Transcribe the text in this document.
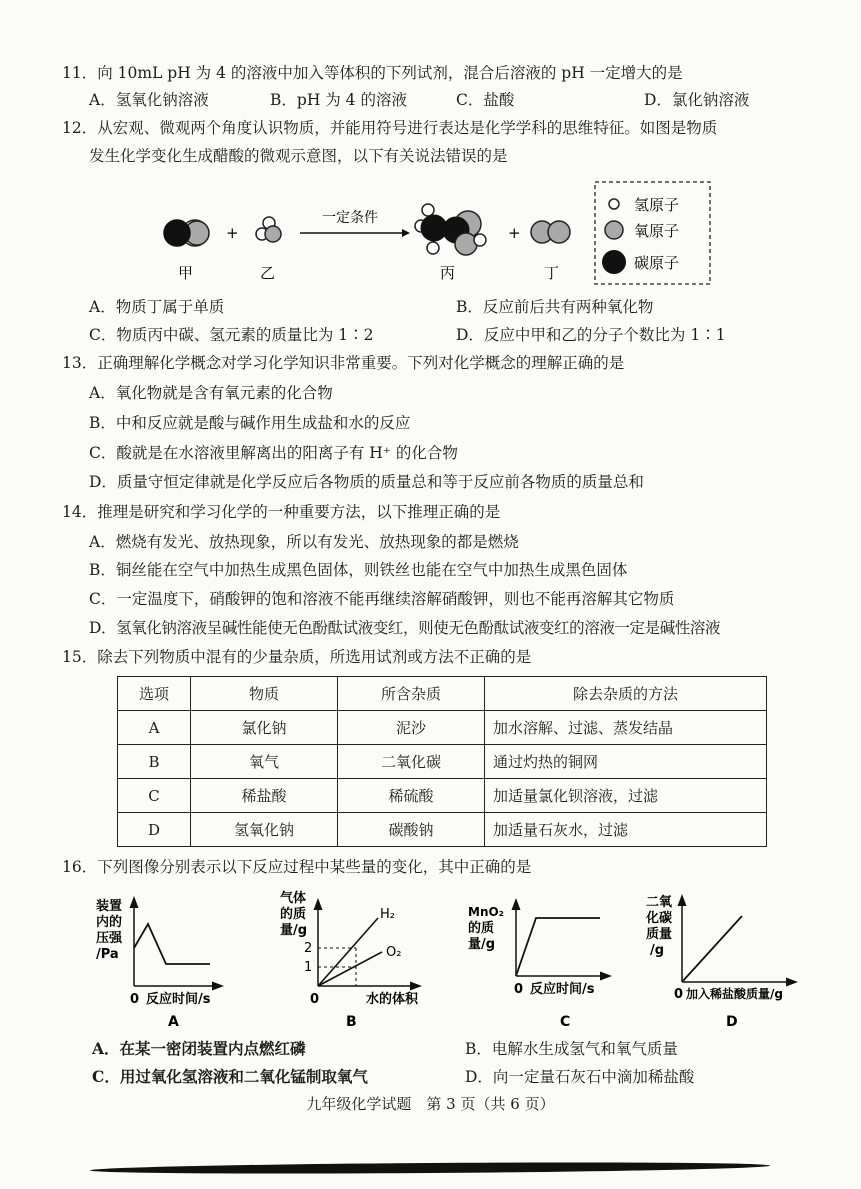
11．向 10mL pH 为 4 的溶液中加入等体积的下列试剂，混合后溶液的 pH 一定增大的是
A．氢氧化钠溶液	B．pH 为 4 的溶液	C．盐酸	D．氯化钠溶液
12．从宏观、微观两个角度认识物质，并能用符号进行表达是化学学科的思维特征。如图是物质
发生化学变化生成醋酸的微观示意图，以下有关说法错误的是
+
一定条件
+
甲	乙	丙	丁
氢原子
氧原子
碳原子
A．物质丁属于单质	B．反应前后共有两种氧化物
C．物质丙中碳、氢元素的质量比为 1∶2	D．反应中甲和乙的分子个数比为 1∶1
13．正确理解化学概念对学习化学知识非常重要。下列对化学概念的理解正确的是
A．氧化物就是含有氧元素的化合物
B．中和反应就是酸与碱作用生成盐和水的反应
C．酸就是在水溶液里解离出的阳离子有 H⁺ 的化合物
D．质量守恒定律就是化学反应后各物质的质量总和等于反应前各物质的质量总和
14．推理是研究和学习化学的一种重要方法，以下推理正确的是
A．燃烧有发光、放热现象，所以有发光、放热现象的都是燃烧
B．铜丝能在空气中加热生成黑色固体，则铁丝也能在空气中加热生成黑色固体
C．一定温度下，硝酸钾的饱和溶液不能再继续溶解硝酸钾，则也不能再溶解其它物质
D．氢氧化钠溶液呈碱性能使无色酚酞试液变红，则使无色酚酞试液变红的溶液一定是碱性溶液
15．除去下列物质中混有的少量杂质，所选用试剂或方法不正确的是
选项	物质	所含杂质	除去杂质的方法
A	氯化钠	泥沙	加水溶解、过滤、蒸发结晶
B	氧气	二氧化碳	通过灼热的铜网
C	稀盐酸	稀硫酸	加适量氯化钡溶液，过滤
D	氢氧化钠	碳酸钠	加适量石灰水，过滤
16．下列图像分别表示以下反应过程中某些量的变化，其中正确的是
装置
内的
压强
/Pa
0 反应时间/s
A
气体
的质
量/g
2
1
H₂
O₂
0	水的体积
B
MnO₂
的质
量/g
0 反应时间/s
C
二氧
化碳
质量
/g
0 加入稀盐酸质量/g
D
A．在某一密闭装置内点燃红磷	B．电解水生成氢气和氧气质量
C．用过氧化氢溶液和二氧化锰制取氧气	D．向一定量石灰石中滴加稀盐酸
九年级化学试题　第 3 页（共 6 页）
